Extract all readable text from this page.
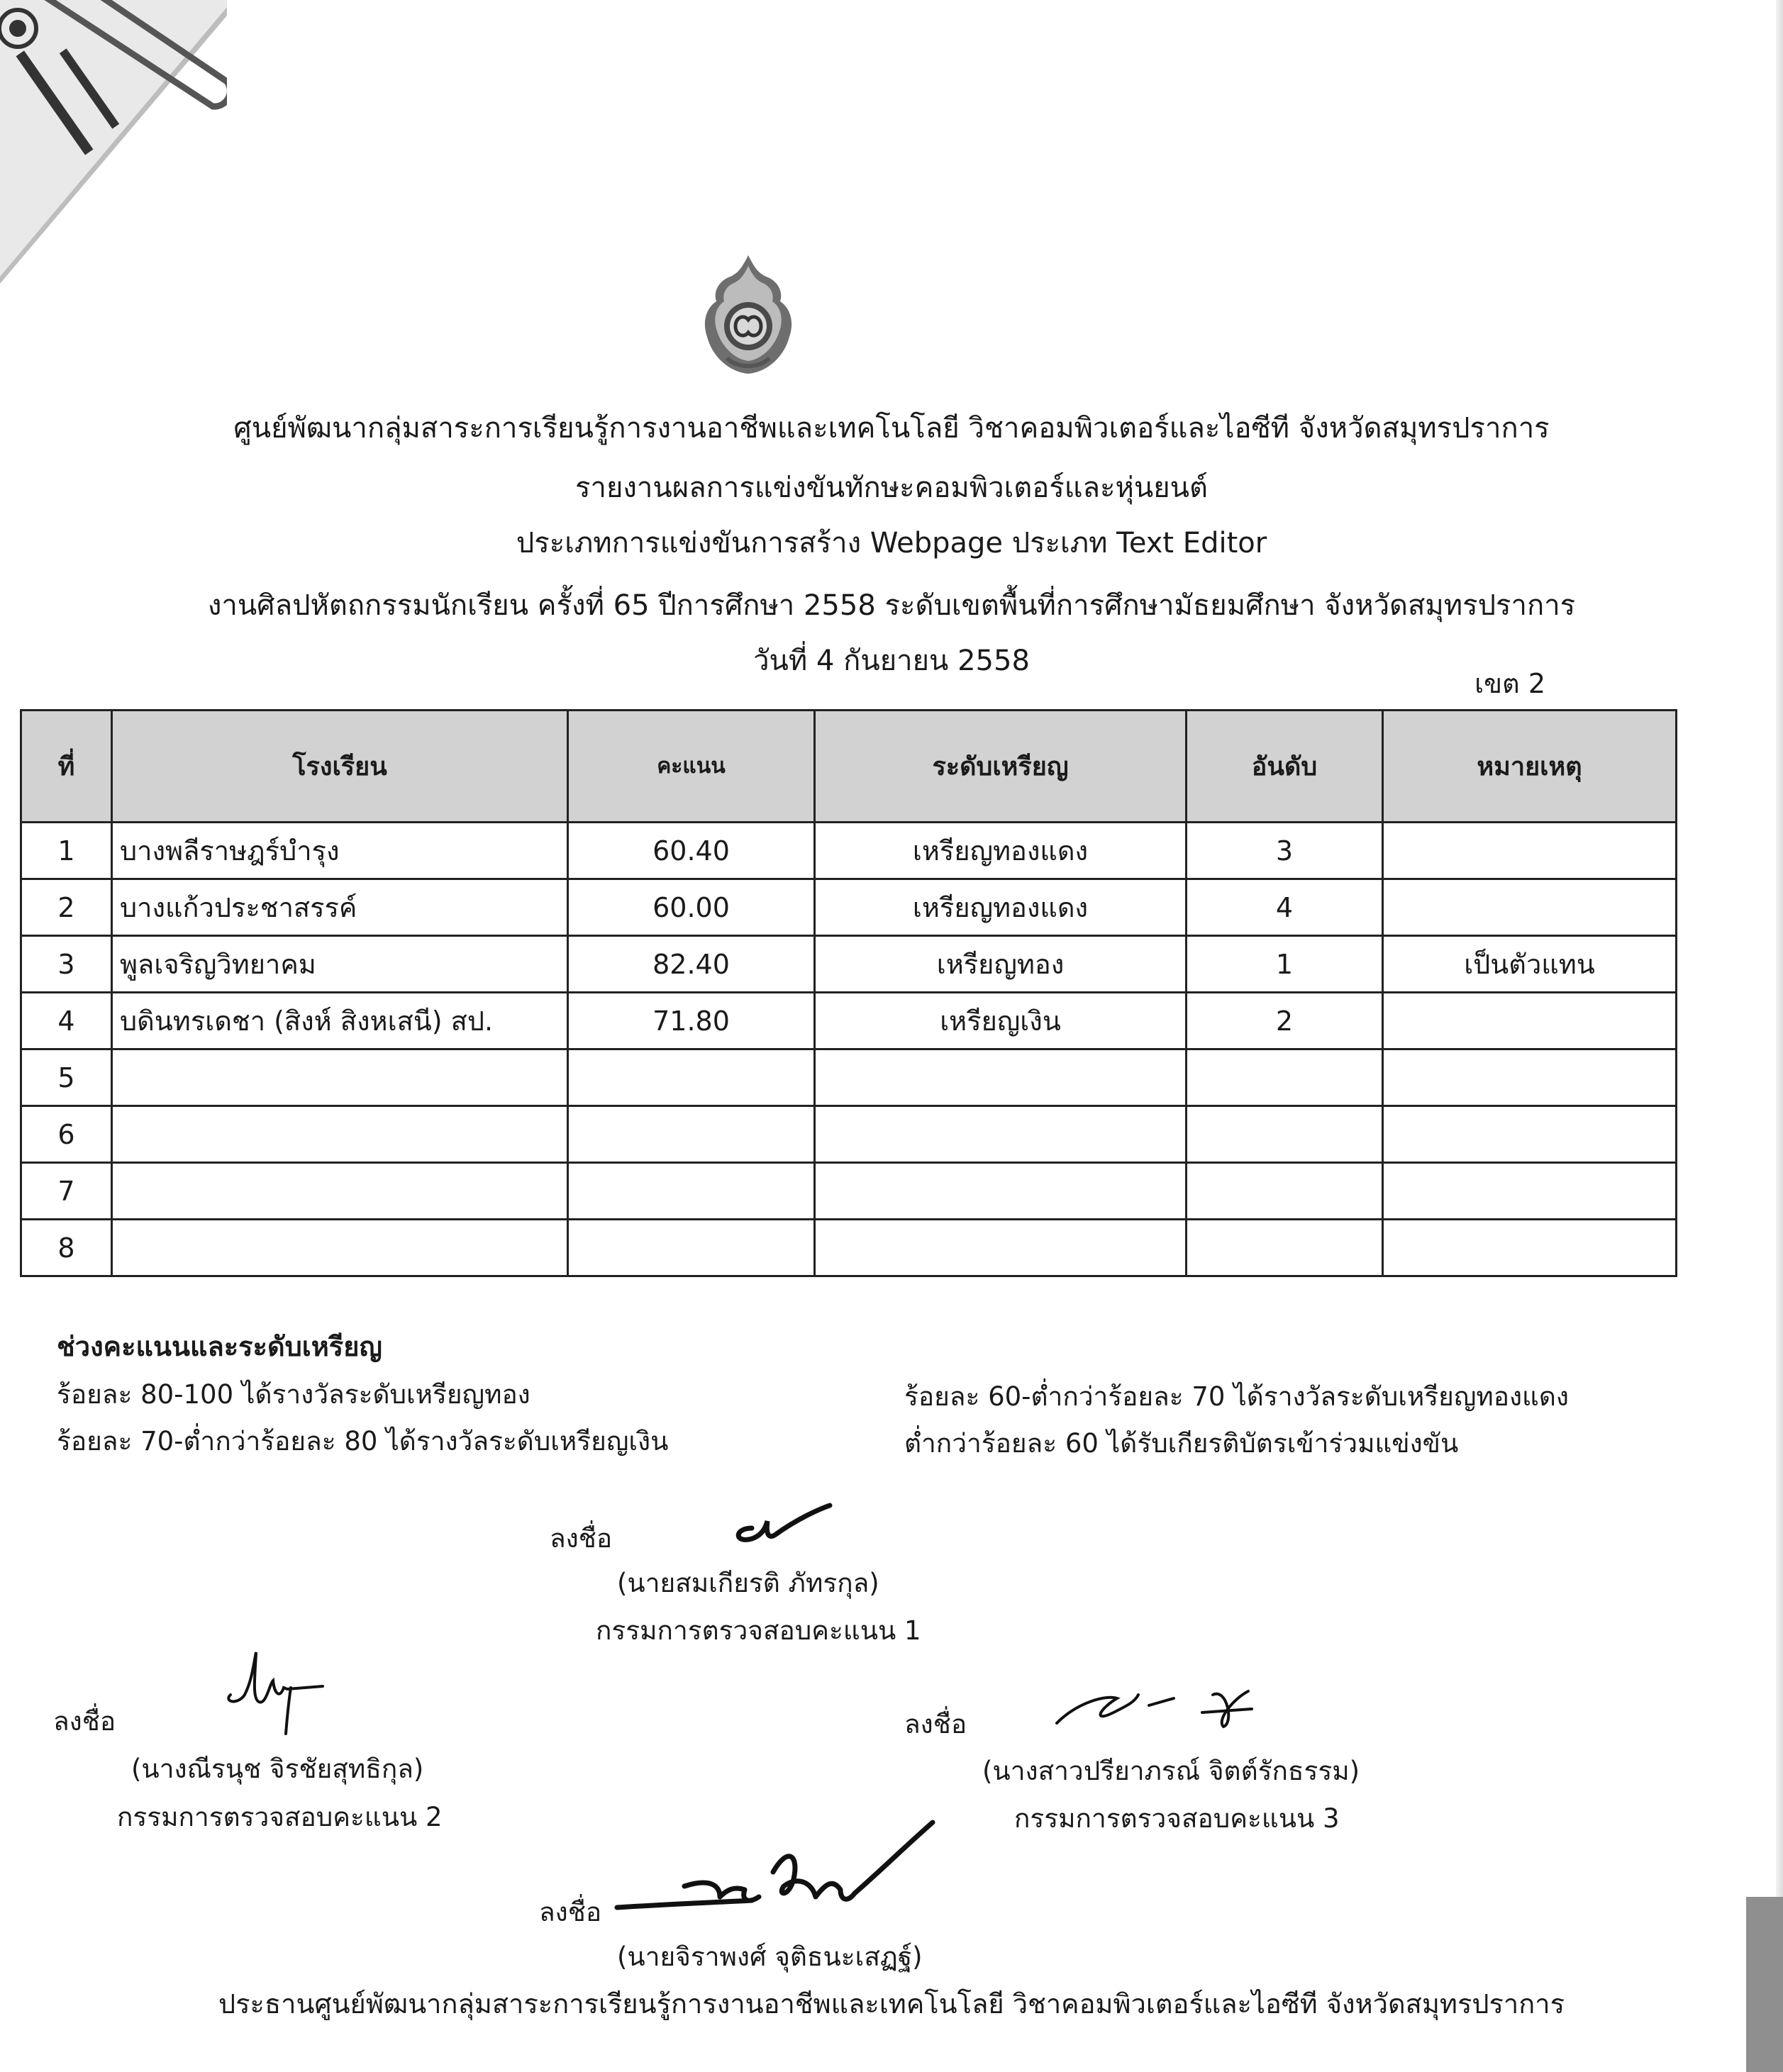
ศูนย์พัฒนากลุ่มสาระการเรียนรู้การงานอาชีพและเทคโนโลยี วิชาคอมพิวเตอร์และไอซีที จังหวัดสมุทรปราการ
รายงานผลการแข่งขันทักษะคอมพิวเตอร์และหุ่นยนต์
ประเภทการแข่งขันการสร้าง Webpage ประเภท Text Editor
งานศิลปหัตถกรรมนักเรียน ครั้งที่ 65 ปีการศึกษา 2558 ระดับเขตพื้นที่การศึกษามัธยมศึกษา จังหวัดสมุทรปราการ
วันที่ 4 กันยายน 2558
เขต 2
ที่	โรงเรียน	คะแนน	ระดับเหรียญ	อันดับ	หมายเหตุ
1	บางพลีราษฎร์บำรุง	60.40	เหรียญทองแดง	3	
2	บางแก้วประชาสรรค์	60.00	เหรียญทองแดง	4	
3	พูลเจริญวิทยาคม	82.40	เหรียญทอง	1	เป็นตัวแทน
4	บดินทรเดชา (สิงห์ สิงหเสนี) สป.	71.80	เหรียญเงิน	2	
5					
6					
7					
8					
ช่วงคะแนนและระดับเหรียญ
ร้อยละ 80-100 ได้รางวัลระดับเหรียญทอง
ร้อยละ 70-ต่ำกว่าร้อยละ 80 ได้รางวัลระดับเหรียญเงิน
ร้อยละ 60-ต่ำกว่าร้อยละ 70 ได้รางวัลระดับเหรียญทองแดง
ต่ำกว่าร้อยละ 60 ได้รับเกียรติบัตรเข้าร่วมแข่งขัน
ลงชื่อ
(นายสมเกียรติ ภัทรกุล)
กรรมการตรวจสอบคะแนน 1
ลงชื่อ
(นางณีรนุช จิรชัยสุทธิกุล)
กรรมการตรวจสอบคะแนน 2
ลงชื่อ
(นางสาวปรียาภรณ์ จิตต์รักธรรม)
กรรมการตรวจสอบคะแนน 3
ลงชื่อ
(นายจิราพงศ์ จุติธนะเสฏฐ์)
ประธานศูนย์พัฒนากลุ่มสาระการเรียนรู้การงานอาชีพและเทคโนโลยี วิชาคอมพิวเตอร์และไอซีที จังหวัดสมุทรปราการ
